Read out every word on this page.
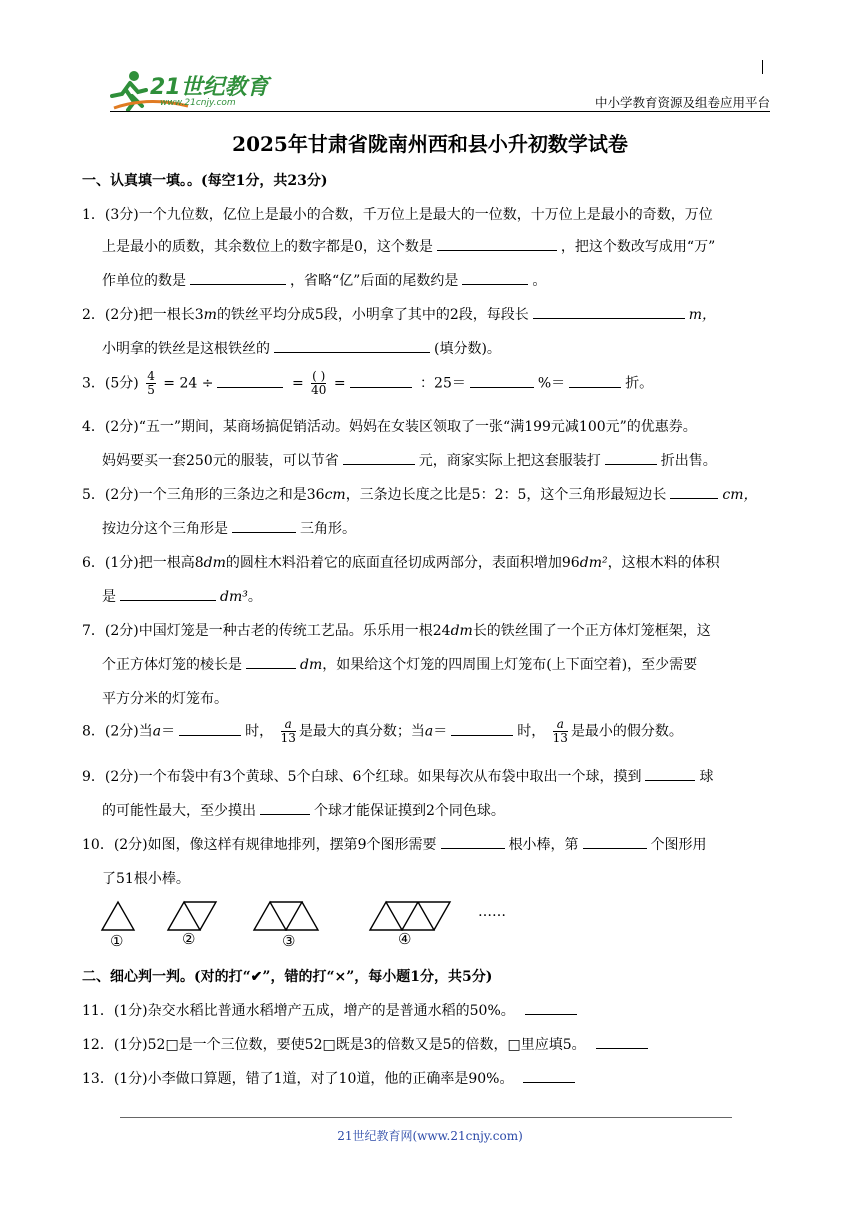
21世纪教育
www.21cnjy.com	中小学教育资源及组卷应用平台
2025年甘肃省陇南州西和县小升初数学试卷
一、认真填一填。。(每空1分，共23分)
1．(3分)一个九位数，亿位上是最小的合数，千万位上是最大的一位数，十万位上是最小的奇数，万位
上是最小的质数，其余数位上的数字都是0，这个数是	，把这个数改写成用“万”
作单位的数是	，省略“亿”后面的尾数约是	。
2．(2分)把一根长3m的铁丝平均分成5段，小明拿了其中的2段，每段长	m，
小明拿的铁丝是这根铁丝的	(填分数)。
3．(5分) $\frac{4}{5} = 24$ ÷	= $\frac{( )}{40}$ =	：25＝	%＝	折。
4．(2分)“五一”期间，某商场搞促销活动。妈妈在女装区领取了一张“满199元减100元”的优惠券。
妈妈要买一套250元的服装，可以节省	元，商家实际上把这套服装打	折出售。
5．(2分)一个三角形的三条边之和是36cm，三条边长度之比是5：2：5，这个三角形最短边长	cm，
按边分这个三角形是	三角形。
6．(1分)把一根高8dm的圆柱木料沿着它的底面直径切成两部分，表面积增加96dm²，这根木料的体积
是	dm³。
7．(2分)中国灯笼是一种古老的传统工艺品。乐乐用一根24dm长的铁丝围了一个正方体灯笼框架，这
个正方体灯笼的棱长是	dm，如果给这个灯笼的四周围上灯笼布(上下面空着)，至少需要
平方分米的灯笼布。
8．(2分)当a＝	时， $\frac{a}{13}$ 是最大的真分数；当a＝	时， $\frac{a}{13}$ 是最小的假分数。
9．(2分)一个布袋中有3个黄球、5个白球、6个红球。如果每次从布袋中取出一个球，摸到	球
的可能性最大，至少摸出	个球才能保证摸到2个同色球。
10．(2分)如图，像这样有规律地排列，摆第9个图形需要	根小棒，第	个图形用
了51根小棒。
……
①	②	③	④
二、细心判一判。(对的打“✔”，错的打“×”，每小题1分，共5分)
11．(1分)杂交水稻比普通水稻增产五成，增产的是普通水稻的50%。
12．(1分)52□是一个三位数，要使52□既是3的倍数又是5的倍数，□里应填5。
13．(1分)小李做口算题，错了1道，对了10道，他的正确率是90%。
21世纪教育网(www.21cnjy.com)
